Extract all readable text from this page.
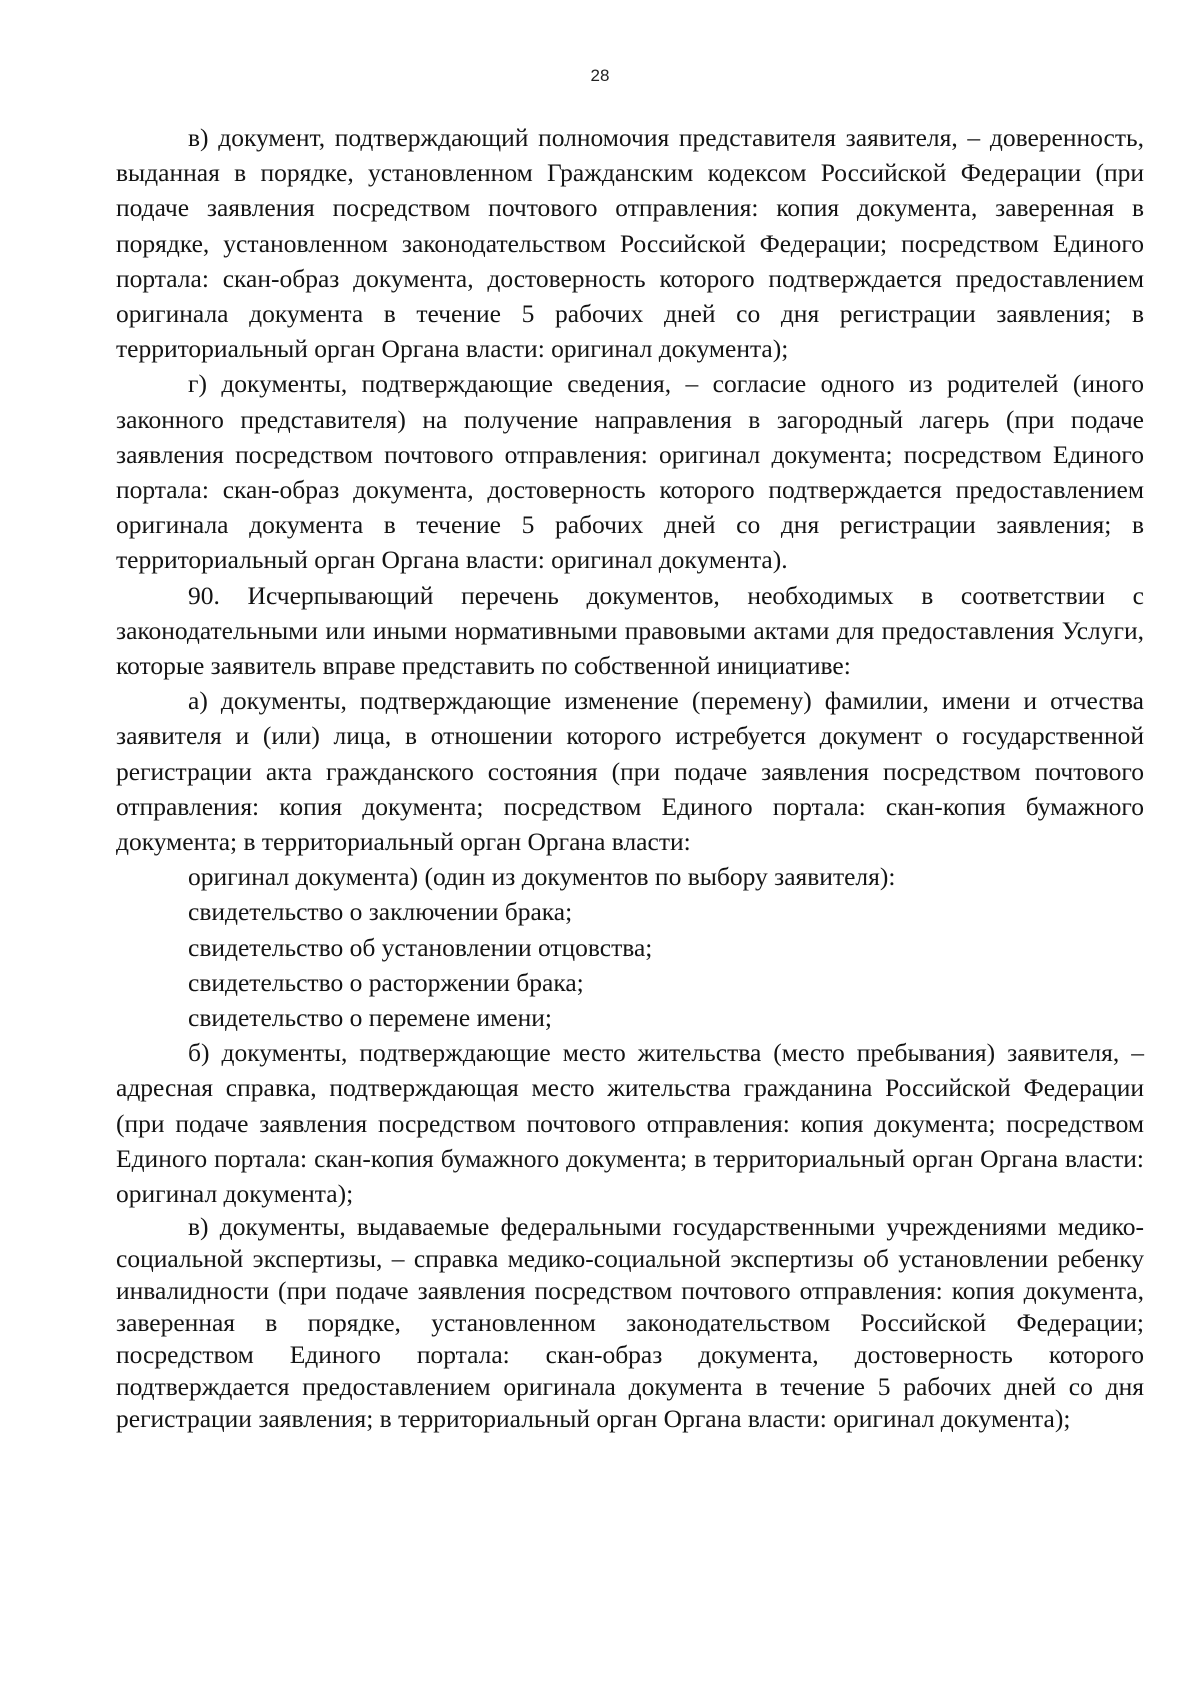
28

в) документ, подтверждающий полномочия представителя заявителя, – доверенность, выданная в порядке, установленном Гражданским кодексом Российской Федерации (при подаче заявления посредством почтового отправления: копия документа, заверенная в порядке, установленном законодательством Российской Федерации; посредством Единого портала: скан-образ документа, достоверность которого подтверждается предоставлением оригинала документа в течение 5 рабочих дней со дня регистрации заявления; в территориальный орган Органа власти: оригинал документа);

г) документы, подтверждающие сведения, – согласие одного из родителей (иного законного представителя) на получение направления в загородный лагерь (при подаче заявления посредством почтового отправления: оригинал документа; посредством Единого портала: скан-образ документа, достоверность которого подтверждается предоставлением оригинала документа в течение 5 рабочих дней со дня регистрации заявления; в территориальный орган Органа власти: оригинал документа).

90. Исчерпывающий перечень документов, необходимых в соответствии с законодательными или иными нормативными правовыми актами для предоставления Услуги, которые заявитель вправе представить по собственной инициативе:

а) документы, подтверждающие изменение (перемену) фамилии, имени и отчества заявителя и (или) лица, в отношении которого истребуется документ о государственной регистрации акта гражданского состояния (при подаче заявления посредством почтового отправления: копия документа; посредством Единого портала: скан-копия бумажного документа; в территориальный орган Органа власти:

оригинал документа) (один из документов по выбору заявителя):

свидетельство о заключении брака;

свидетельство об установлении отцовства;

свидетельство о расторжении брака;

свидетельство о перемене имени;

б) документы, подтверждающие место жительства (место пребывания) заявителя, – адресная справка, подтверждающая место жительства гражданина Российской Федерации (при подаче заявления посредством почтового отправления: копия документа; посредством Единого портала: скан-копия бумажного документа; в территориальный орган Органа власти: оригинал документа);

в) документы, выдаваемые федеральными государственными учреждениями медико-социальной экспертизы, – справка медико-социальной экспертизы об установлении ребенку инвалидности (при подаче заявления посредством почтового отправления: копия документа, заверенная в порядке, установленном законодательством Российской Федерации; посредством Единого портала: скан-образ документа, достоверность которого подтверждается предоставлением оригинала документа в течение 5 рабочих дней со дня регистрации заявления; в территориальный орган Органа власти: оригинал документа);
